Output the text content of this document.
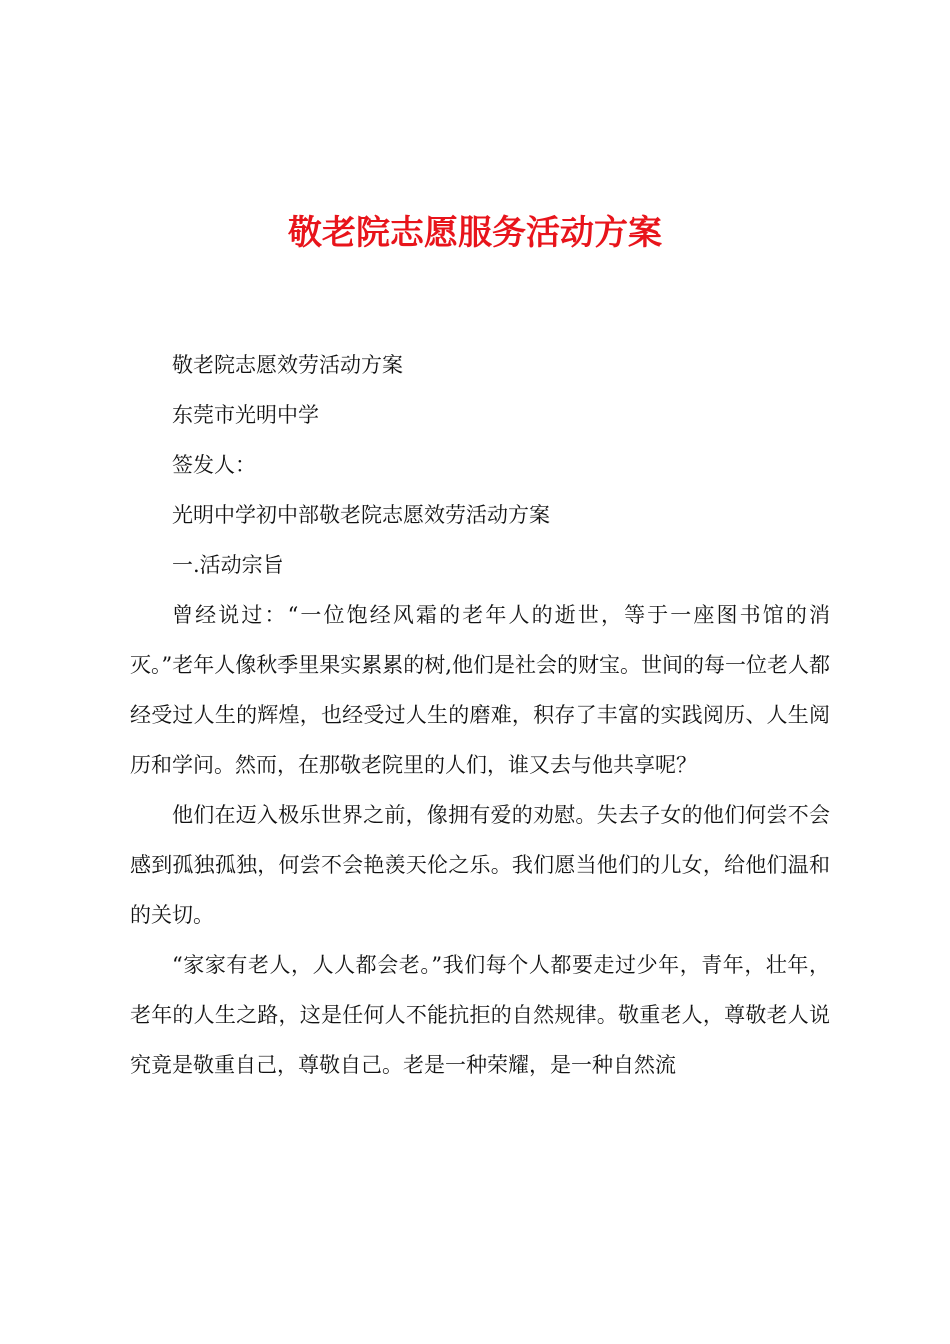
敬老院志愿服务活动方案

敬老院志愿效劳活动方案

东莞市光明中学

签发人：

光明中学初中部敬老院志愿效劳活动方案

一.活动宗旨

曾经说过：“一位饱经风霜的老年人的逝世，等于一座图书馆的消灭。”老年人像秋季里果实累累的树,他们是社会的财宝。世间的每一位老人都经受过人生的辉煌，也经受过人生的磨难，积存了丰富的实践阅历、人生阅历和学问。然而，在那敬老院里的人们，谁又去与他共享呢？

他们在迈入极乐世界之前，像拥有爱的劝慰。失去子女的他们何尝不会感到孤独孤独，何尝不会艳羡天伦之乐。我们愿当他们的儿女，给他们温和的关切。

“家家有老人，人人都会老。”我们每个人都要走过少年，青年，壮年，老年的人生之路，这是任何人不能抗拒的自然规律。敬重老人，尊敬老人说究竟是敬重自己，尊敬自己。老是一种荣耀，是一种自然流
